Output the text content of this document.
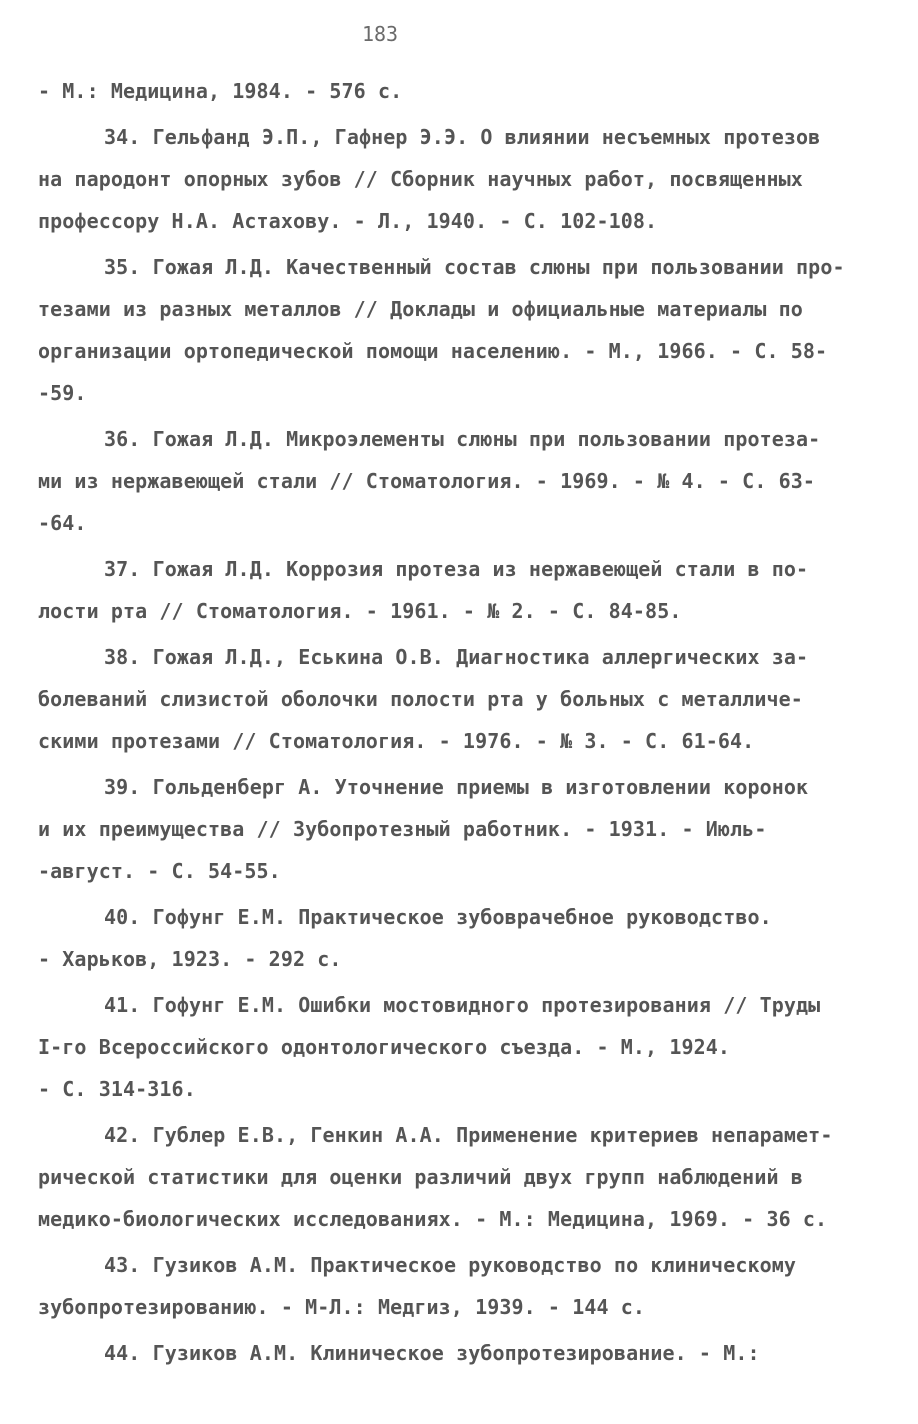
183
- М.: Медицина, 1984. - 576 с.
34. Гельфанд Э.П., Гафнер Э.Э. О влиянии несъемных протезов
на пародонт опорных зубов // Сборник научных работ, посвященных
профессору Н.А. Астахову. - Л., 1940. - С. 102-108.
35. Гожая Л.Д. Качественный состав слюны при пользовании про-
тезами из разных металлов // Доклады и официальные материалы по
организации ортопедической помощи населению. - М., 1966. - С. 58-
-59.
36. Гожая Л.Д. Микроэлементы слюны при пользовании протеза-
ми из нержавеющей стали // Стоматология. - 1969. - № 4. - С. 63-
-64.
37. Гожая Л.Д. Коррозия протеза из нержавеющей стали в по-
лости рта // Стоматология. - 1961. - № 2. - С. 84-85.
38. Гожая Л.Д., Еськина О.В. Диагностика аллергических за-
болеваний слизистой оболочки полости рта у больных с металличе-
скими протезами // Стоматология. - 1976. - № 3. - С. 61-64.
39. Гольденберг А. Уточнение приемы в изготовлении коронок
и их преимущества // Зубопротезный работник. - 1931. - Июль-
-август. - С. 54-55.
40. Гофунг Е.М. Практическое зубоврачебное руководство.
- Харьков, 1923. - 292 с.
41. Гофунг Е.М. Ошибки мостовидного протезирования // Труды
I-го Всероссийского одонтологического съезда. - М., 1924.
- С. 314-316.
42. Гублер Е.В., Генкин А.А. Применение критериев непарамет-
рической статистики для оценки различий двух групп наблюдений в
медико-биологических исследованиях. - М.: Медицина, 1969. - 36 с.
43. Гузиков А.М. Практическое руководство по клиническому
зубопротезированию. - М-Л.: Медгиз, 1939. - 144 с.
44. Гузиков А.М. Клиническое зубопротезирование. - М.:
